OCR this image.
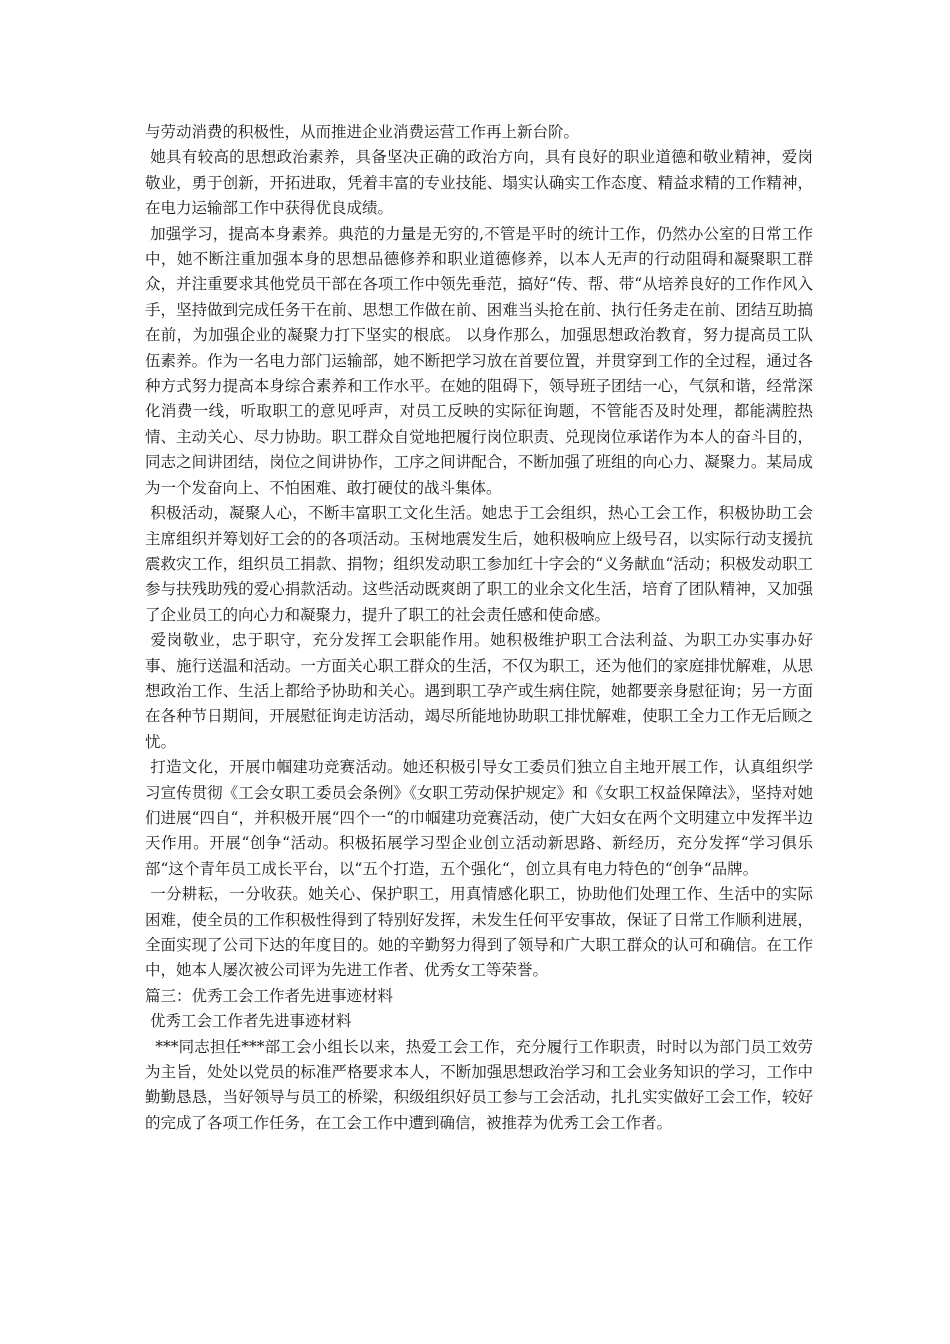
与劳动消费的积极性，从而推进企业消费运营工作再上新台阶。

她具有较高的思想政治素养，具备坚决正确的政治方向，具有良好的职业道德和敬业精神，爱岗敬业，勇于创新，开拓进取，凭着丰富的专业技能、塌实认确实工作态度、精益求精的工作精神，在电力运输部工作中获得优良成绩。

加强学习，提高本身素养。典范的力量是无穷的,不管是平时的统计工作，仍然办公室的日常工作中，她不断注重加强本身的思想品德修养和职业道德修养，以本人无声的行动阻碍和凝聚职工群众，并注重要求其他党员干部在各项工作中领先垂范，搞好“传、帮、带“从培养良好的工作作风入手，坚持做到完成任务干在前、思想工作做在前、困难当头抢在前、执行任务走在前、团结互助搞在前，为加强企业的凝聚力打下坚实的根底。 以身作那么，加强思想政治教育，努力提高员工队伍素养。作为一名电力部门运输部，她不断把学习放在首要位置，并贯穿到工作的全过程，通过各种方式努力提高本身综合素养和工作水平。在她的阻碍下，领导班子团结一心，气氛和谐，经常深化消费一线，听取职工的意见呼声，对员工反映的实际征询题，不管能否及时处理，都能满腔热情、主动关心、尽力协助。职工群众自觉地把履行岗位职责、兑现岗位承诺作为本人的奋斗目的，同志之间讲团结，岗位之间讲协作，工序之间讲配合，不断加强了班组的向心力、凝聚力。某局成为一个发奋向上、不怕困难、敢打硬仗的战斗集体。

积极活动，凝聚人心，不断丰富职工文化生活。她忠于工会组织，热心工会工作，积极协助工会主席组织并筹划好工会的的各项活动。玉树地震发生后，她积极响应上级号召，以实际行动支援抗震救灾工作，组织员工捐款、捐物；组织发动职工参加红十字会的“义务献血“活动；积极发动职工参与扶残助残的爱心捐款活动。这些活动既爽朗了职工的业余文化生活，培育了团队精神，又加强了企业员工的向心力和凝聚力，提升了职工的社会责任感和使命感。

爱岗敬业，忠于职守，充分发挥工会职能作用。她积极维护职工合法利益、为职工办实事办好事、施行送温和活动。一方面关心职工群众的生活，不仅为职工，还为他们的家庭排忧解难，从思想政治工作、生活上都给予协助和关心。遇到职工孕产或生病住院，她都要亲身慰征询；另一方面在各种节日期间，开展慰征询走访活动，竭尽所能地协助职工排忧解难，使职工全力工作无后顾之忧。

打造文化，开展巾帼建功竞赛活动。她还积极引导女工委员们独立自主地开展工作，认真组织学习宣传贯彻《工会女职工委员会条例》《女职工劳动保护规定》和《女职工权益保障法》，坚持对她们进展“四自“，并积极开展“四个一“的巾帼建功竞赛活动，使广大妇女在两个文明建立中发挥半边天作用。开展“创争“活动。积极拓展学习型企业创立活动新思路、新经历，充分发挥“学习俱乐部“这个青年员工成长平台，以“五个打造，五个强化“，创立具有电力特色的“创争“品牌。

一分耕耘，一分收获。她关心、保护职工，用真情感化职工，协助他们处理工作、生活中的实际困难，使全员的工作积极性得到了特别好发挥，未发生任何平安事故，保证了日常工作顺利进展，全面实现了公司下达的年度目的。她的辛勤努力得到了领导和广大职工群众的认可和确信。在工作中，她本人屡次被公司评为先进工作者、优秀女工等荣誉。

篇三：优秀工会工作者先进事迹材料

优秀工会工作者先进事迹材料

***同志担任***部工会小组长以来，热爱工会工作，充分履行工作职责，时时以为部门员工效劳为主旨，处处以党员的标准严格要求本人，不断加强思想政治学习和工会业务知识的学习，工作中勤勤恳恳，当好领导与员工的桥梁，积级组织好员工参与工会活动，扎扎实实做好工会工作，较好的完成了各项工作任务，在工会工作中遭到确信，被推荐为优秀工会工作者。
